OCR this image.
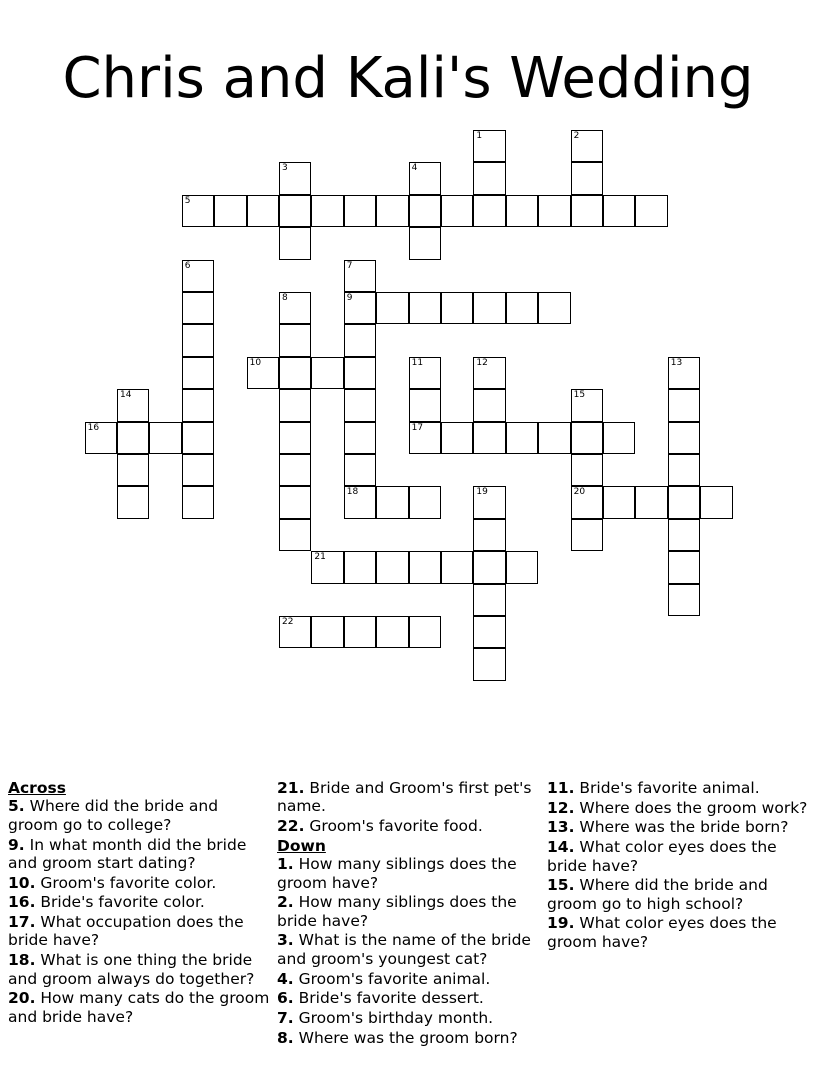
Chris and Kali's Wedding
5
1	2
3	4
6	7
9
8
10	11
17
12	13
14	15
20
16
18	19
21
22
Across
5. Where did the bride and groom go to college?
9. In what month did the bride and groom start dating?
10. Groom's favorite color.
16. Bride's favorite color.
17. What occupation does the bride have?
18. What is one thing the bride and groom always do together?
20. How many cats do the groom and bride have?
21. Bride and Groom's first pet's name.
22. Groom's favorite food.
Down
1. How many siblings does the groom have?
2. How many siblings does the bride have?
3. What is the name of the bride and groom's youngest cat?
4. Groom's favorite animal.
6. Bride's favorite dessert.
7. Groom's birthday month.
8. Where was the groom born?
11. Bride's favorite animal.
12. Where does the groom work?
13. Where was the bride born?
14. What color eyes does the bride have?
15. Where did the bride and groom go to high school?
19. What color eyes does the groom have?
